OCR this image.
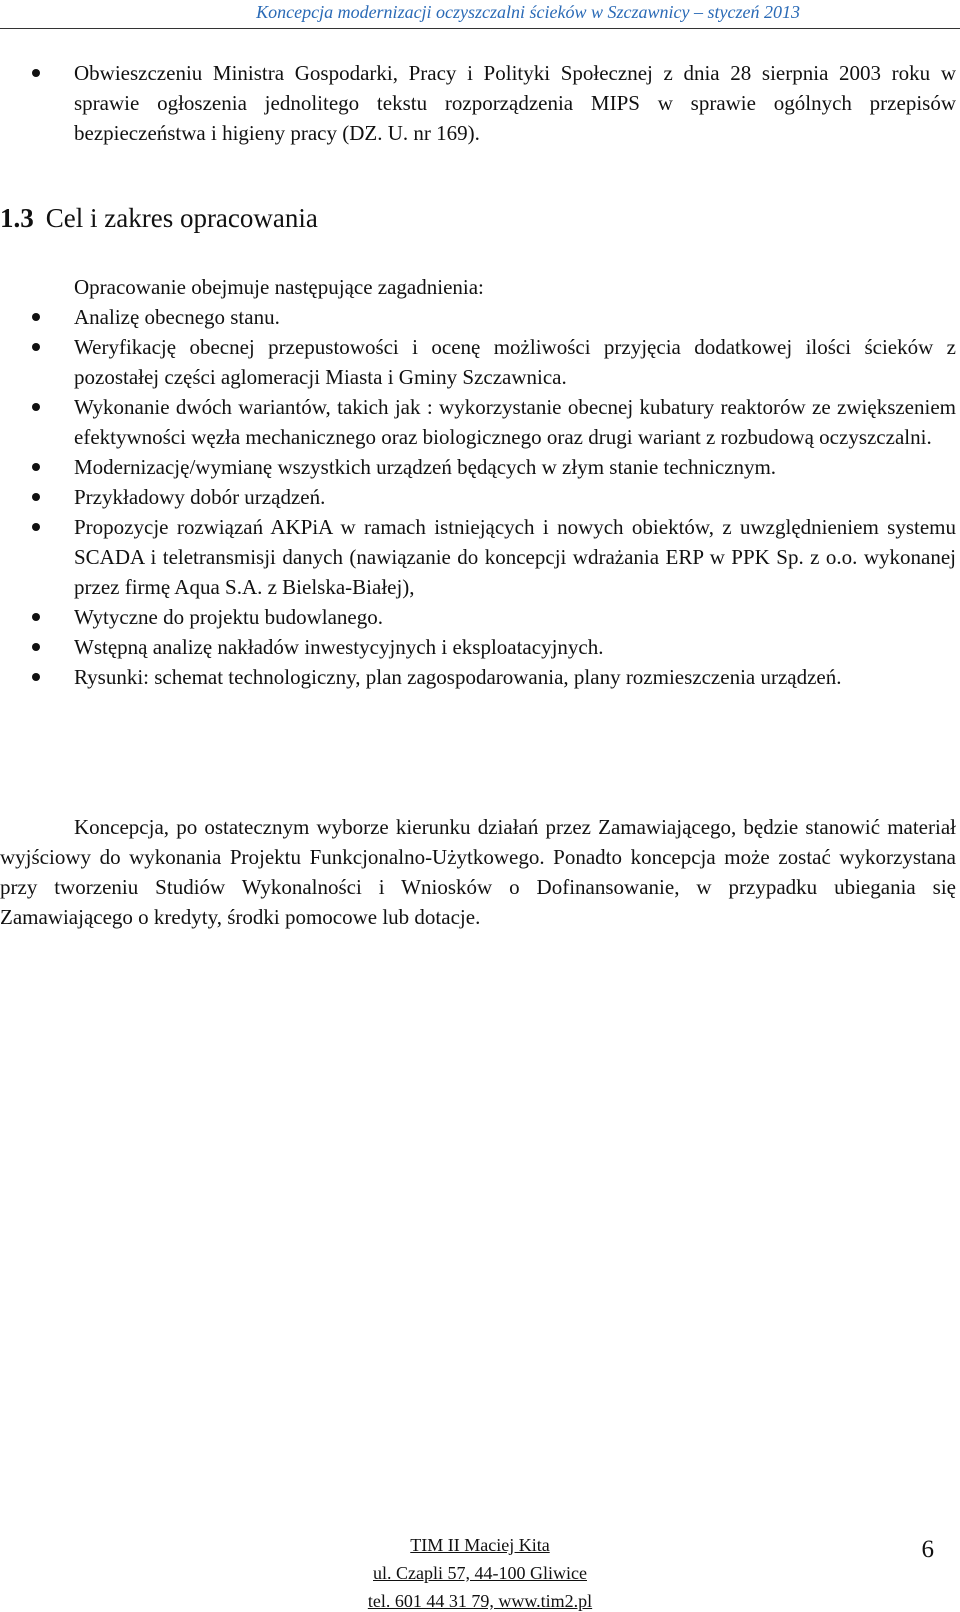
Koncepcja modernizacji oczyszczalni ścieków w Szczawnicy – styczeń 2013
Obwieszczeniu Ministra Gospodarki, Pracy i Polityki Społecznej z dnia 28 sierpnia 2003 roku w sprawie ogłoszenia jednolitego tekstu rozporządzenia MIPS w sprawie ogólnych przepisów bezpieczeństwa i higieny pracy (DZ. U. nr 169).
1.3 Cel i zakres opracowania
Opracowanie obejmuje następujące zagadnienia:
Analizę obecnego stanu.
Weryfikację obecnej przepustowości i ocenę możliwości przyjęcia dodatkowej ilości ścieków z pozostałej części aglomeracji Miasta i Gminy Szczawnica.
Wykonanie dwóch wariantów, takich jak : wykorzystanie obecnej kubatury reaktorów ze zwiększeniem efektywności węzła mechanicznego oraz biologicznego oraz drugi wariant z rozbudową oczyszczalni.
Modernizację/wymianę wszystkich urządzeń będących w złym stanie technicznym.
Przykładowy dobór urządzeń.
Propozycje rozwiązań AKPiA w ramach istniejących i nowych obiektów, z uwzględnieniem systemu SCADA i teletransmisji danych (nawiązanie do koncepcji wdrażania ERP w PPK Sp. z o.o. wykonanej przez firmę Aqua S.A. z Bielska-Białej),
Wytyczne do projektu budowlanego.
Wstępną analizę nakładów inwestycyjnych i eksploatacyjnych.
Rysunki: schemat technologiczny, plan zagospodarowania, plany rozmieszczenia urządzeń.
Koncepcja, po ostatecznym wyborze kierunku działań przez Zamawiającego, będzie stanowić materiał wyjściowy do wykonania Projektu Funkcjonalno-Użytkowego. Ponadto koncepcja może zostać wykorzystana przy tworzeniu Studiów Wykonalności i Wniosków o Dofinansowanie, w przypadku ubiegania się Zamawiającego o kredyty, środki pomocowe lub dotacje.
TIM II Maciej Kita
ul. Czapli 57, 44-100 Gliwice
tel. 601 44 31 79, www.tim2.pl
6
